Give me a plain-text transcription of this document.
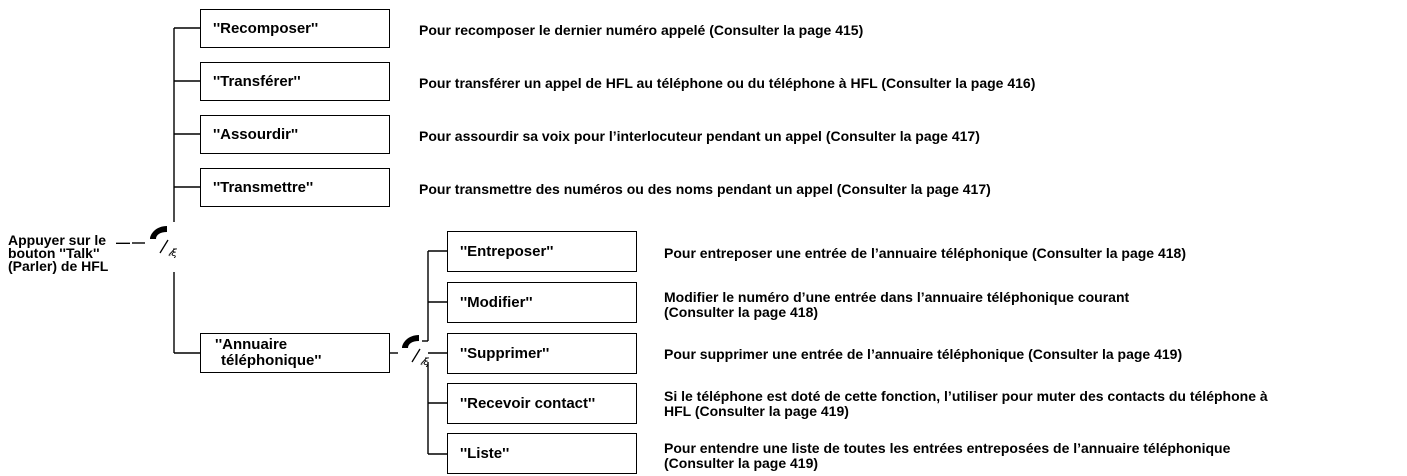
𝓁ξ
𝓁ξ
Appuyer sur le
bouton ''Talk''
(Parler) de HFL
—
''Recomposer''	Pour recomposer le dernier numéro appelé (Consulter la page 415)
''Transférer''	Pour transférer un appel de HFL au téléphone ou du téléphone à HFL (Consulter la page 416)
''Assourdir''	Pour assourdir sa voix pour l’interlocuteur pendant un appel (Consulter la page 417)
''Transmettre''	Pour transmettre des numéros ou des noms pendant un appel (Consulter la page 417)
''Annuaire
téléphonique''
''Entreposer''	Pour entreposer une entrée de l’annuaire téléphonique (Consulter la page 418)
''Modifier''	Modifier le numéro d’une entrée dans l’annuaire téléphonique courant
(Consulter la page 418)
''Supprimer''	Pour supprimer une entrée de l’annuaire téléphonique (Consulter la page 419)
''Recevoir contact''	Si le téléphone est doté de cette fonction, l’utiliser pour muter des contacts du téléphone à
HFL (Consulter la page 419)
''Liste''	Pour entendre une liste de toutes les entrées entreposées de l’annuaire téléphonique
(Consulter la page 419)
